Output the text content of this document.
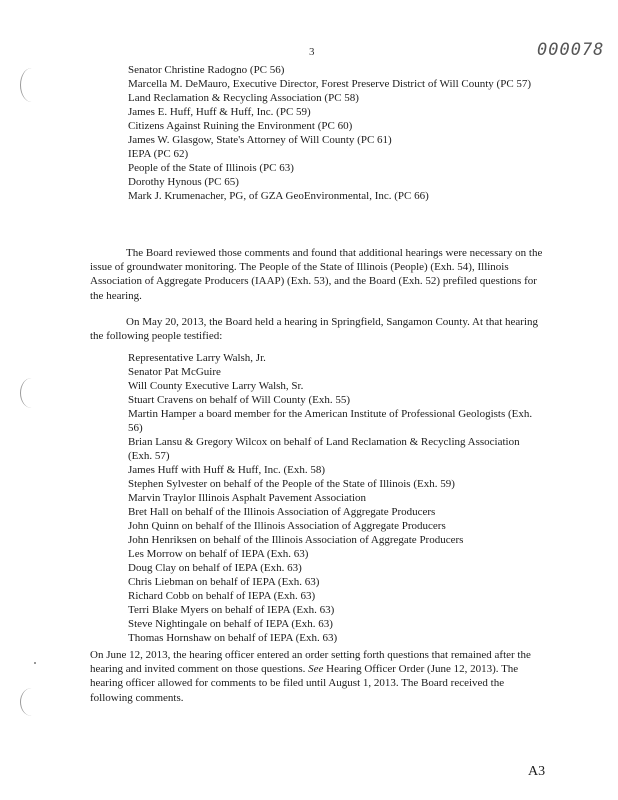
3	000078
Senator Christine Radogno (PC 56)
Marcella M. DeMauro, Executive Director, Forest Preserve District of Will County (PC 57)
Land Reclamation & Recycling Association (PC 58)
James E. Huff, Huff & Huff, Inc. (PC 59)
Citizens Against Ruining the Environment (PC 60)
James W. Glasgow, State's Attorney of Will County (PC 61)
IEPA (PC 62)
People of the State of Illinois (PC 63)
Dorothy Hynous (PC 65)
Mark J. Krumenacher, PG, of GZA GeoEnvironmental, Inc. (PC 66)

The Board reviewed those comments and found that additional hearings were necessary on the issue of groundwater monitoring. The People of the State of Illinois (People) (Exh. 54), Illinois Association of Aggregate Producers (IAAP) (Exh. 53), and the Board (Exh. 52) prefiled questions for the hearing.

On May 20, 2013, the Board held a hearing in Springfield, Sangamon County. At that hearing the following people testified:

Representative Larry Walsh, Jr.
Senator Pat McGuire
Will County Executive Larry Walsh, Sr.
Stuart Cravens on behalf of Will County (Exh. 55)
Martin Hamper a board member for the American Institute of Professional Geologists (Exh. 56)
Brian Lansu & Gregory Wilcox on behalf of Land Reclamation & Recycling Association (Exh. 57)
James Huff with Huff & Huff, Inc. (Exh. 58)
Stephen Sylvester on behalf of the People of the State of Illinois (Exh. 59)
Marvin Traylor Illinois Asphalt Pavement Association
Bret Hall on behalf of the Illinois Association of Aggregate Producers
John Quinn on behalf of the Illinois Association of Aggregate Producers
John Henriksen on behalf of the Illinois Association of Aggregate Producers
Les Morrow on behalf of IEPA (Exh. 63)
Doug Clay on behalf of IEPA (Exh. 63)
Chris Liebman on behalf of IEPA (Exh. 63)
Richard Cobb on behalf of IEPA (Exh. 63)
Terri Blake Myers on behalf of IEPA (Exh. 63)
Steve Nightingale on behalf of IEPA (Exh. 63)
Thomas Hornshaw on behalf of IEPA (Exh. 63)

On June 12, 2013, the hearing officer entered an order setting forth questions that remained after the hearing and invited comment on those questions. See Hearing Officer Order (June 12, 2013). The hearing officer allowed for comments to be filed until August 1, 2013. The Board received the following comments.

A3
